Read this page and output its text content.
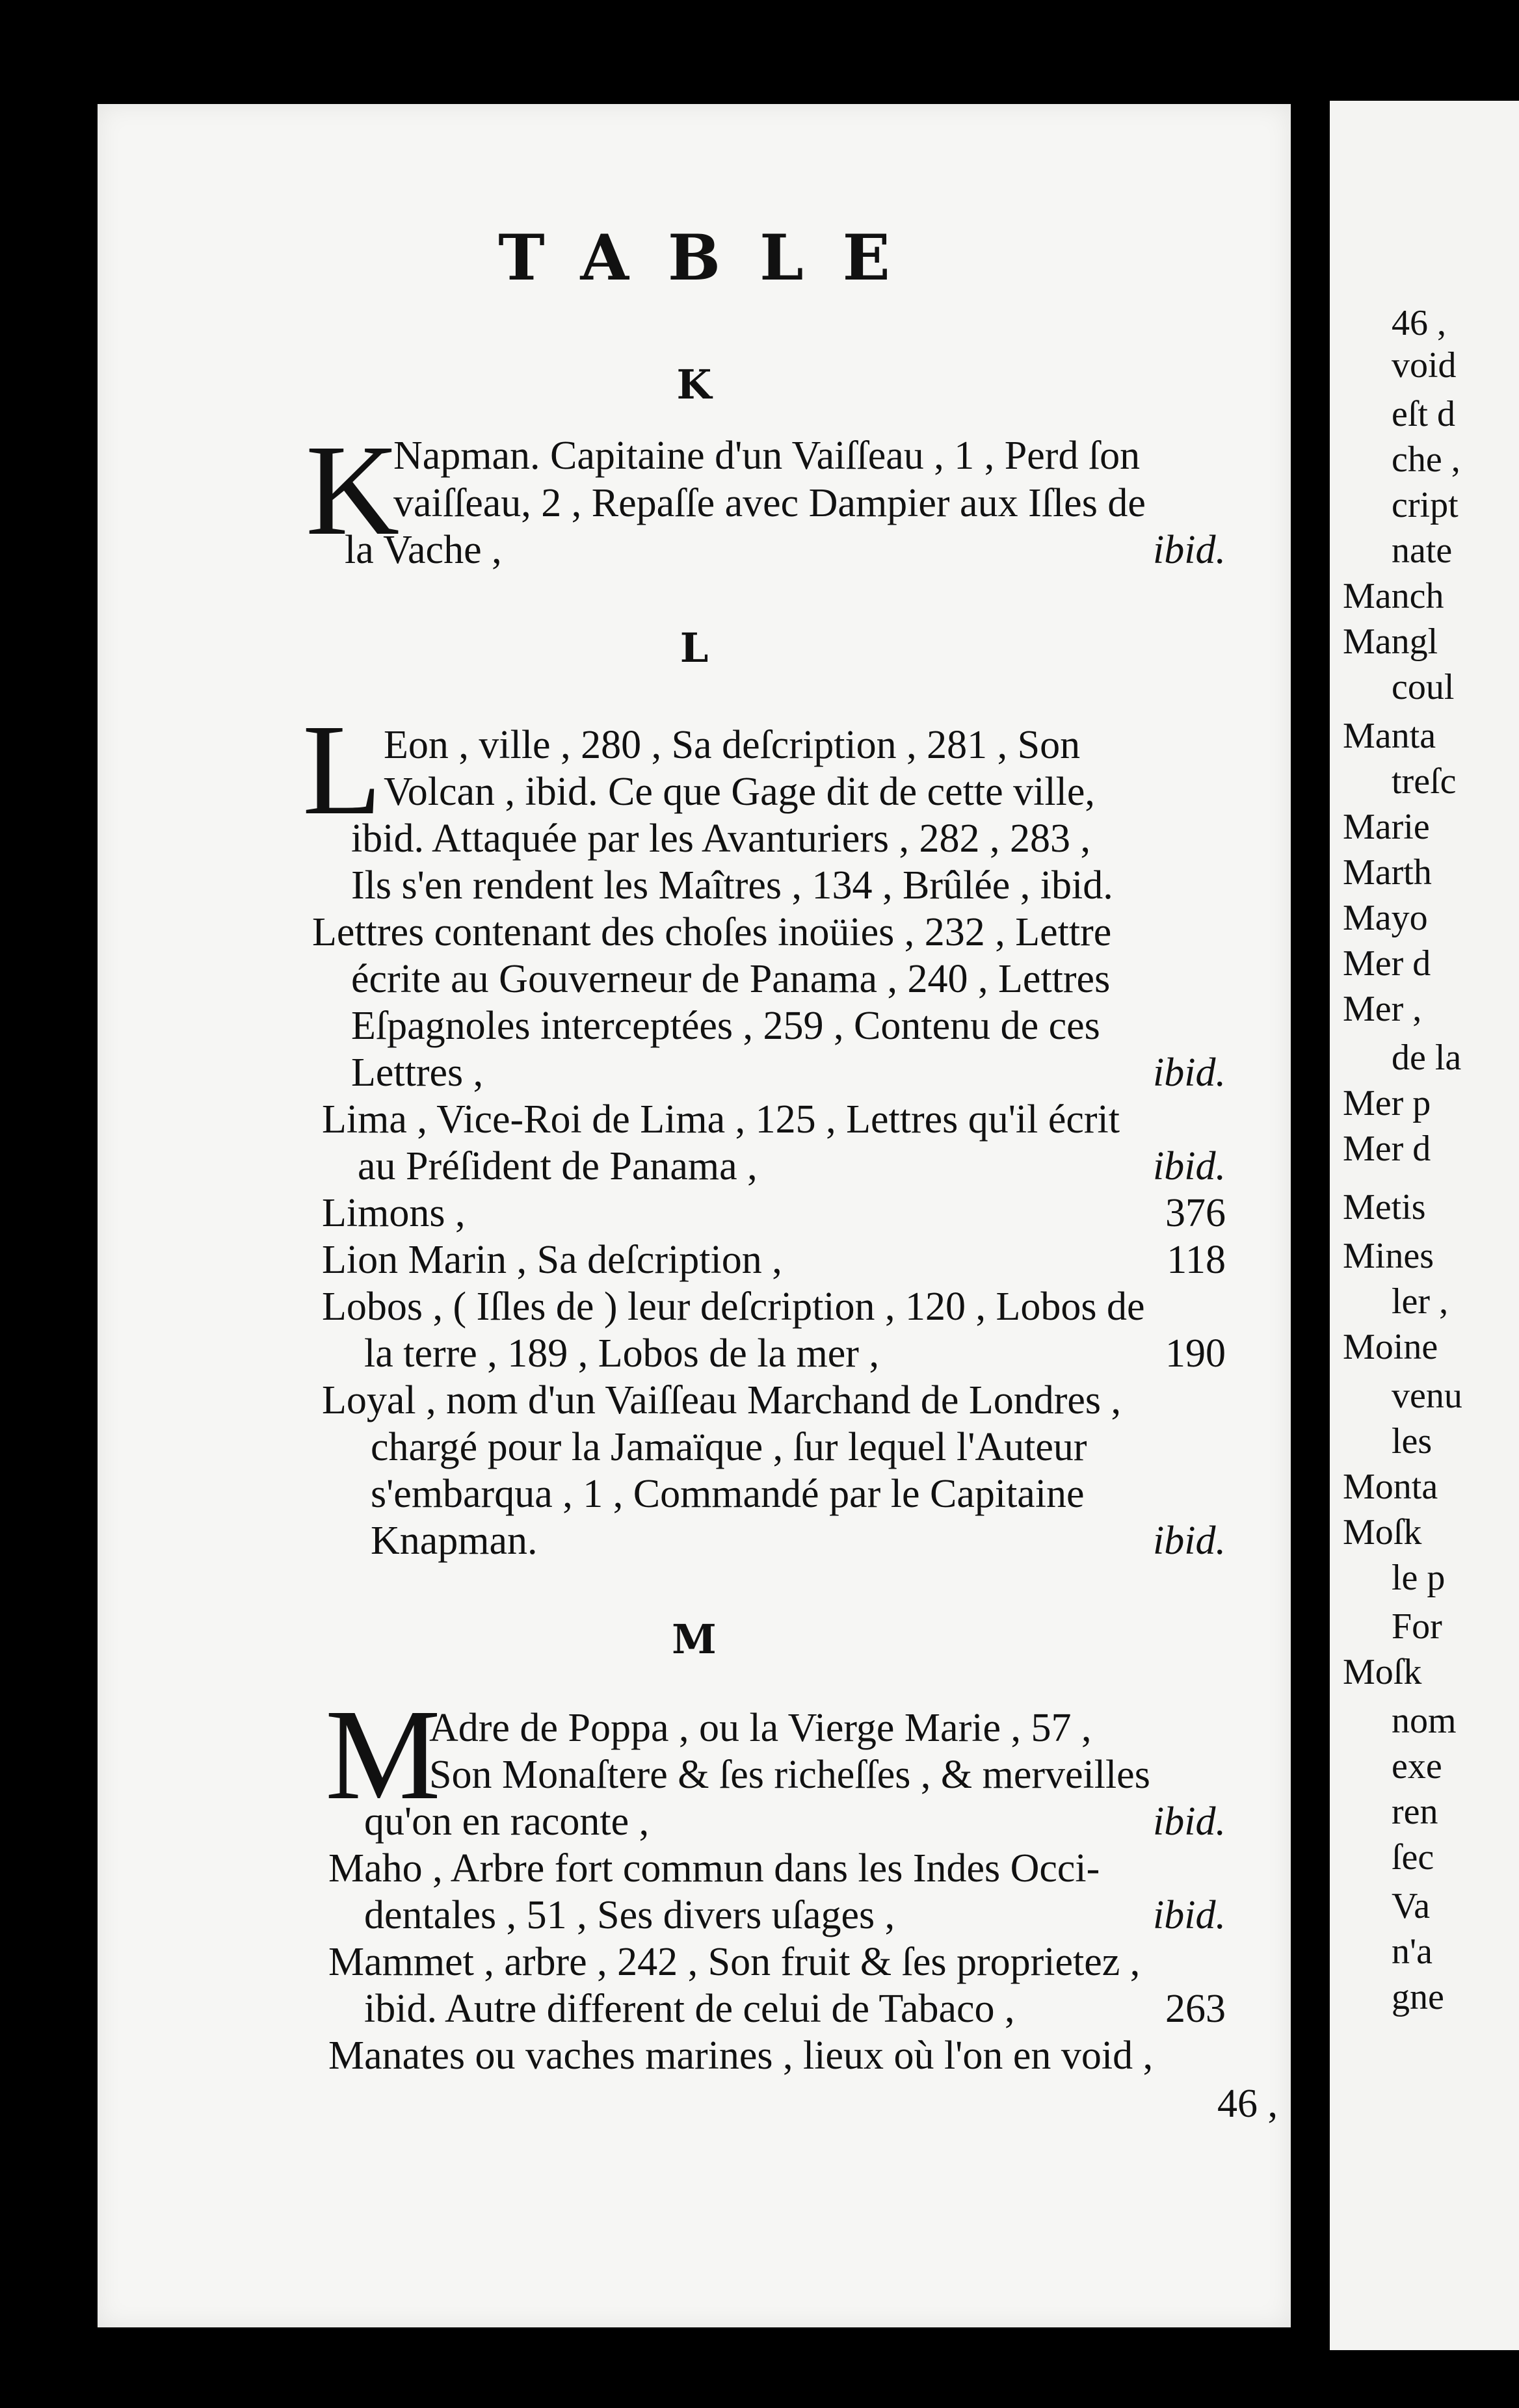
TABLE
K
K
Napman. Capitaine d'un Vaiſſeau , 1 , Perd ſon
vaiſſeau, 2 , Repaſſe avec Dampier aux Iſles de
la Vache ,	ibid.
L
L Eon , ville , 280 , Sa deſcription , 281 , Son
Volcan , ibid. Ce que Gage dit de cette ville,
ibid. Attaquée par les Avanturiers , 282 , 283 ,
Ils s'en rendent les Maîtres , 134 , Brûlée , ibid.
Lettres contenant des choſes inoüies , 232 , Lettre
écrite au Gouverneur de Panama , 240 , Lettres
Eſpagnoles interceptées , 259 , Contenu de ces
Lettres ,	ibid.
Lima , Vice-Roi de Lima , 125 , Lettres qu'il écrit
au Préſident de Panama ,	ibid.
Limons ,	376
Lion Marin , Sa deſcription ,	118
Lobos , ( Iſles de ) leur deſcription , 120 , Lobos de
la terre , 189 , Lobos de la mer ,	190
Loyal , nom d'un Vaiſſeau Marchand de Londres ,
chargé pour la Jamaïque , ſur lequel l'Auteur
s'embarqua , 1 , Commandé par le Capitaine
Knapman.	ibid.
M
M
Adre de Poppa , ou la Vierge Marie , 57 ,
Son Monaſtere & ſes richeſſes , & merveilles
qu'on en raconte ,	ibid.
Maho , Arbre fort commun dans les Indes Occi-
dentales , 51 , Ses divers uſages ,	ibid.
Mammet , arbre , 242 , Son fruit & ſes proprietez ,
ibid. Autre different de celui de Tabaco ,	263
Manates ou vaches marines , lieux où l'on en void ,
46 ,
46 ,
void
eſt d
che ,
cript
nate
Manch
Mangl
coul
Manta
treſc
Marie
Marth
Mayo
Mer d
Mer ,
de la
Mer p
Mer d
Metis
Mines
ler ,
Moine
venu
les
Monta
Moſk
le p
For
Moſk
nom
exe
ren
ſec
Va
n'a
gne
